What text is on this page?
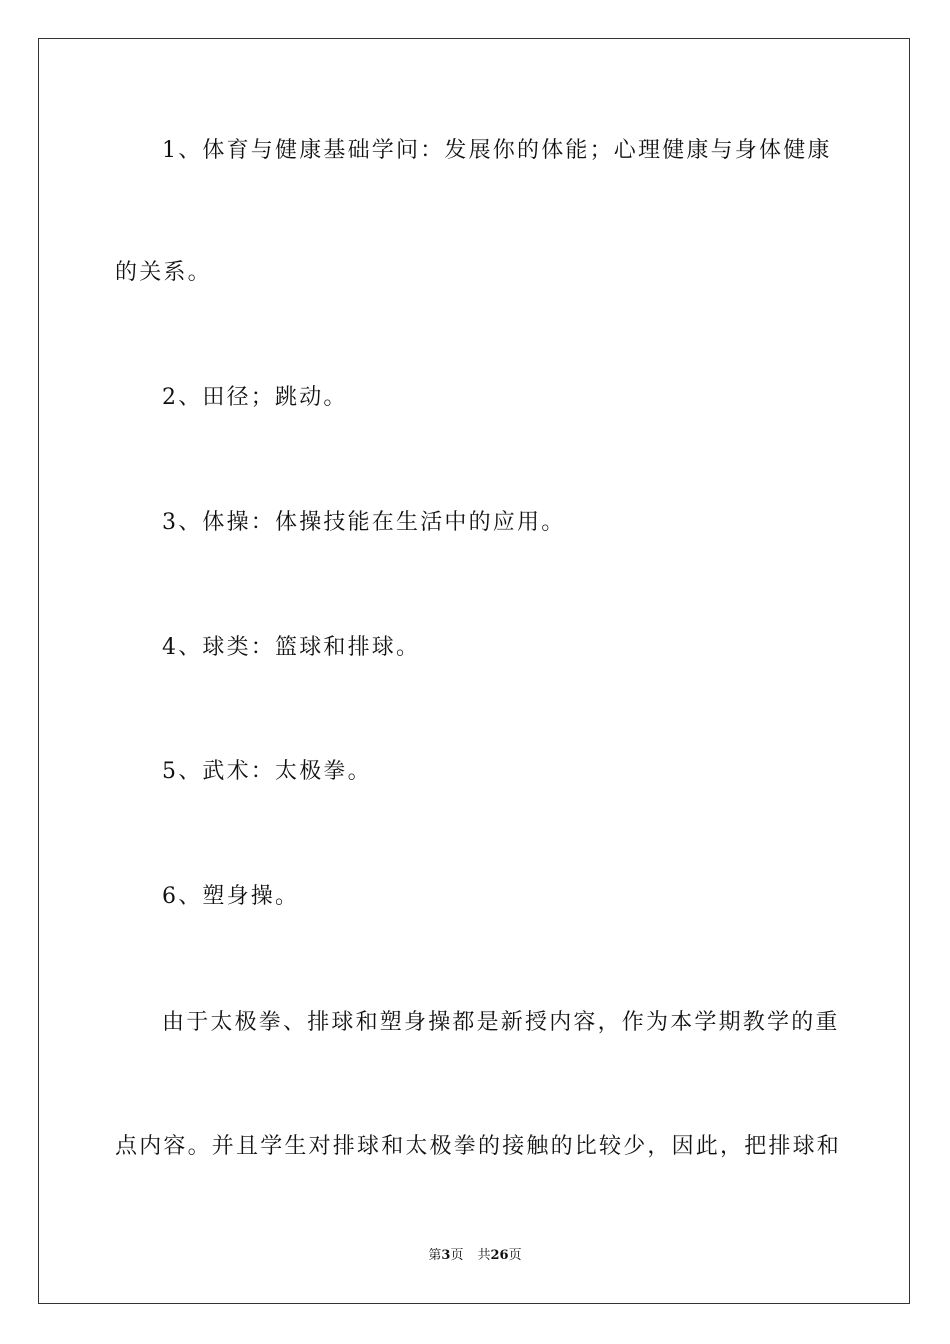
1、体育与健康基础学问：发展你的体能；心理健康与身体健康
的关系。
2、田径；跳动。
3、体操：体操技能在生活中的应用。
4、球类：篮球和排球。
5、武术：太极拳。
6、塑身操。
由于太极拳、排球和塑身操都是新授内容，作为本学期教学的重
点内容。并且学生对排球和太极拳的接触的比较少，因此，把排球和
第3页 共26页
